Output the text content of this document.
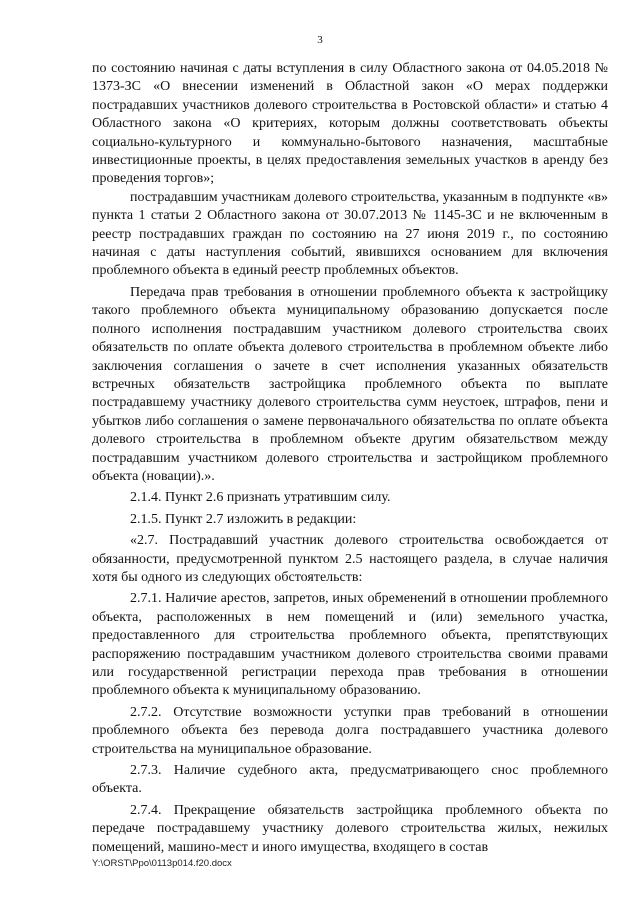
3

по состоянию начиная с даты вступления в силу Областного закона от 04.05.2018 № 1373-ЗС «О внесении изменений в Областной закон «О мерах поддержки пострадавших участников долевого строительства в Ростовской области» и статью 4 Областного закона «О критериях, которым должны соответствовать объекты социально-культурного и коммунально-бытового назначения, масштабные инвестиционные проекты, в целях предоставления земельных участков в аренду без проведения торгов»;

пострадавшим участникам долевого строительства, указанным в подпункте «в» пункта 1 статьи 2 Областного закона от 30.07.2013 № 1145-ЗС и не включенным в реестр пострадавших граждан по состоянию на 27 июня 2019 г., по состоянию начиная с даты наступления событий, явившихся основанием для включения проблемного объекта в единый реестр проблемных объектов.

Передача прав требования в отношении проблемного объекта к застройщику такого проблемного объекта муниципальному образованию допускается после полного исполнения пострадавшим участником долевого строительства своих обязательств по оплате объекта долевого строительства в проблемном объекте либо заключения соглашения о зачете в счет исполнения указанных обязательств встречных обязательств застройщика проблемного объекта по выплате пострадавшему участнику долевого строительства сумм неустоек, штрафов, пени и убытков либо соглашения о замене первоначального обязательства по оплате объекта долевого строительства в проблемном объекте другим обязательством между пострадавшим участником долевого строительства и застройщиком проблемного объекта (новации).».

2.1.4. Пункт 2.6 признать утратившим силу.

2.1.5. Пункт 2.7 изложить в редакции:

«2.7. Пострадавший участник долевого строительства освобождается от обязанности, предусмотренной пунктом 2.5 настоящего раздела, в случае наличия хотя бы одного из следующих обстоятельств:

2.7.1. Наличие арестов, запретов, иных обременений в отношении проблемного объекта, расположенных в нем помещений и (или) земельного участка, предоставленного для строительства проблемного объекта, препятствующих распоряжению пострадавшим участником долевого строительства своими правами или государственной регистрации перехода прав требования в отношении проблемного объекта к муниципальному образованию.

2.7.2. Отсутствие возможности уступки прав требований в отношении проблемного объекта без перевода долга пострадавшего участника долевого строительства на муниципальное образование.

2.7.3. Наличие судебного акта, предусматривающего снос проблемного объекта.

2.7.4. Прекращение обязательств застройщика проблемного объекта по передаче пострадавшему участнику долевого строительства жилых, нежилых помещений, машино-мест и иного имущества, входящего в состав

Y:\ORST\Ppo\0113p014.f20.docx
